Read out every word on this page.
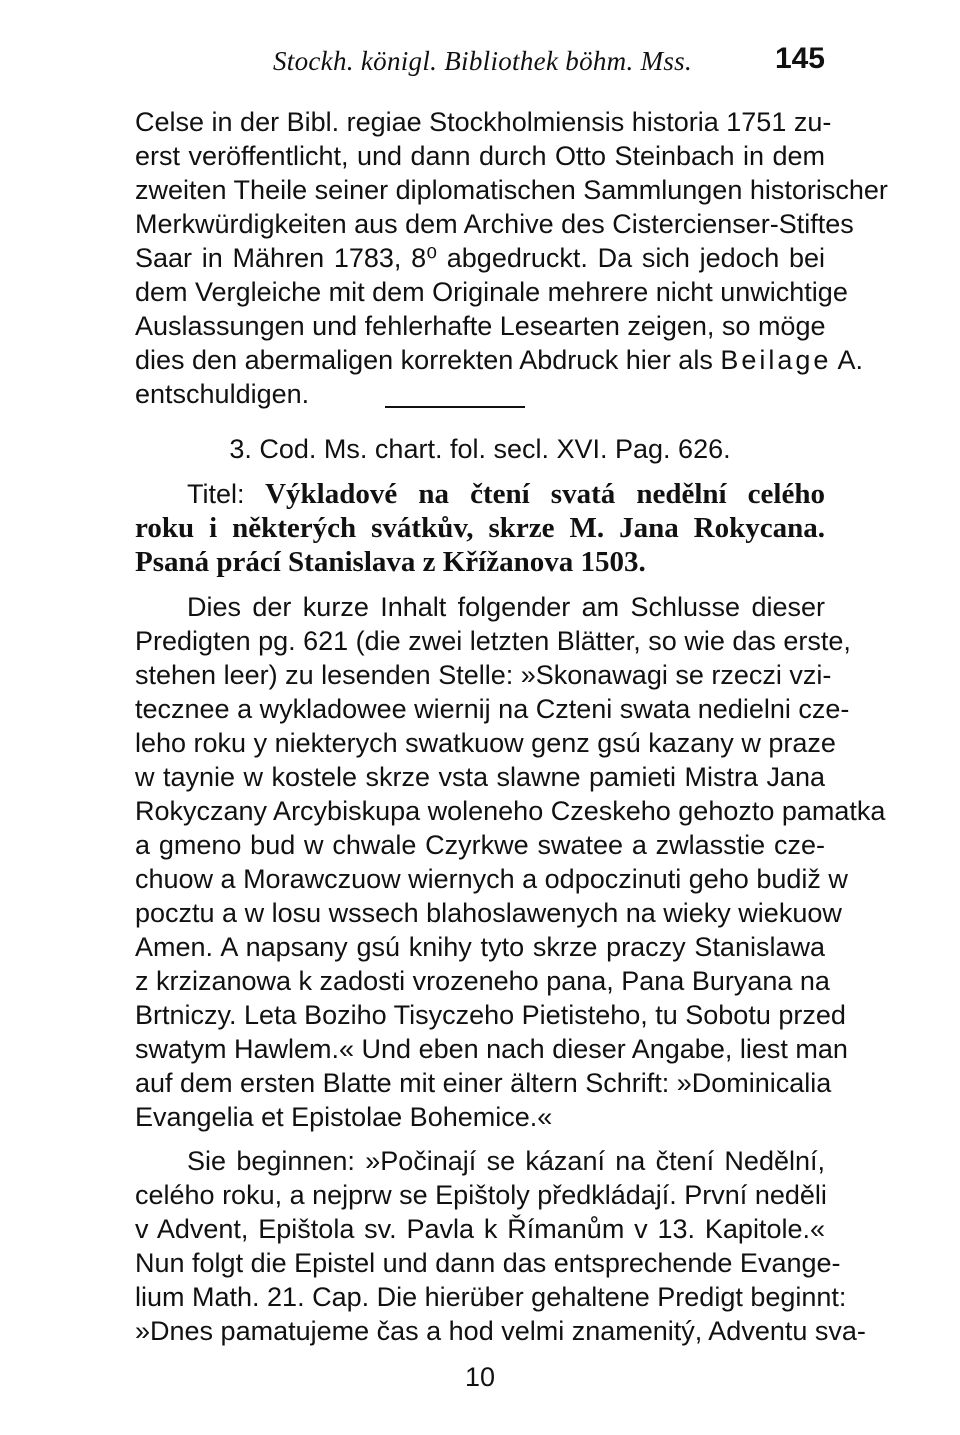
Stockh. königl. Bibliothek böhm. Mss.	145
Celse in der Bibl. regiae Stockholmiensis historia 1751 zu-
erst veröffentlicht, und dann durch Otto Steinbach in dem
zweiten Theile seiner diplomatischen Sammlungen historischer
Merkwürdigkeiten aus dem Archive des Cistercienser-Stiftes
Saar in Mähren 1783, 8⁰ abgedruckt. Da sich jedoch bei
dem Vergleiche mit dem Originale mehrere nicht unwichtige
Auslassungen und fehlerhafte Lesearten zeigen, so möge
dies den abermaligen korrekten Abdruck hier als Beilage A.
entschuldigen.
3. Cod. Ms. chart. fol. secl. XVI. Pag. 626.
Titel: Výkladové na čtení svatá nedělní celého
roku i některých svátkův, skrze M. Jana Rokycana.
Psaná prácí Stanislava z Křížanova 1503.
Dies der kurze Inhalt folgender am Schlusse dieser
Predigten pg. 621 (die zwei letzten Blätter, so wie das erste,
stehen leer) zu lesenden Stelle: »Skonawagi se rzeczi vzi-
tecznee a wykladowee wiernij na Czteni swata nedielni cze-
leho roku y niekterych swatkuow genz gsú kazany w praze
w taynie w kostele skrze vsta slawne pamieti Mistra Jana
Rokyczany Arcybiskupa woleneho Czeskeho gehozto pamatka
a gmeno bud w chwale Czyrkwe swatee a zwlasstie cze-
chuow a Morawczuow wiernych a odpoczinuti geho budiž w
pocztu a w losu wssech blahoslawenych na wieky wiekuow
Amen. A napsany gsú knihy tyto skrze praczy Stanislawa
z krzizanowa k zadosti vrozeneho pana, Pana Buryana na
Brtniczy. Leta Boziho Tisyczeho Pietisteho, tu Sobotu przed
swatym Hawlem.« Und eben nach dieser Angabe, liest man
auf dem ersten Blatte mit einer ältern Schrift: »Dominicalia
Evangelia et Epistolae Bohemice.«
Sie beginnen: »Počinají se kázaní na čtení Nedělní,
celého roku, a nejprw se Epištoly předkládají. První neděli
v Advent, Epištola sv. Pavla k Římanům v 13. Kapitole.«
Nun folgt die Epistel und dann das entsprechende Evange-
lium Math. 21. Cap. Die hierüber gehaltene Predigt beginnt:
»Dnes pamatujeme čas a hod velmi znamenitý, Adventu sva-
10
